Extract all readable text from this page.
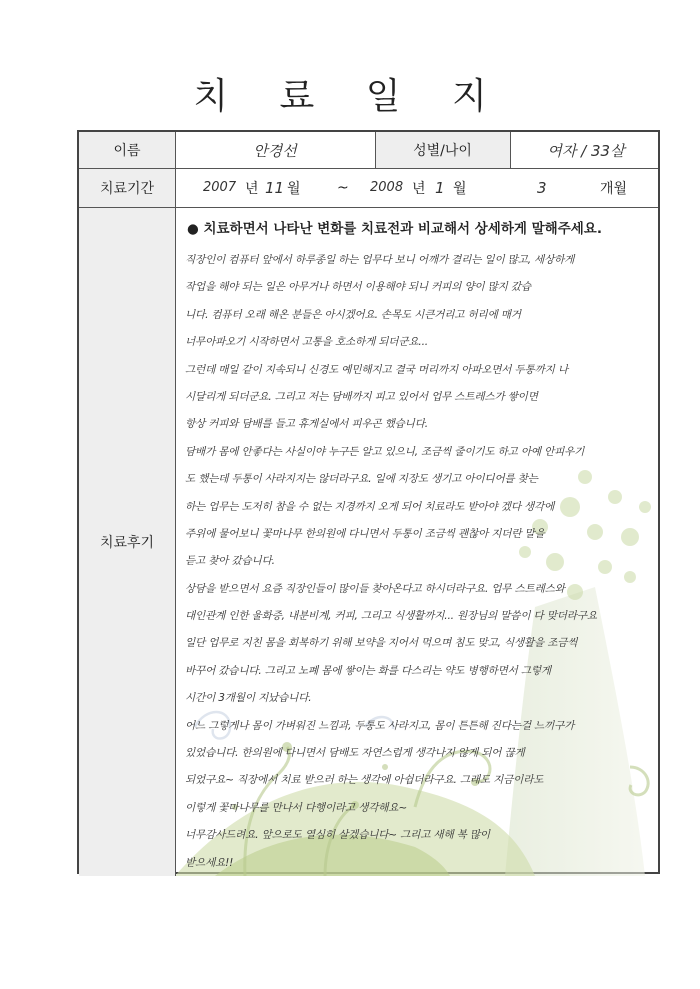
치 료 일 지
이름	안경선	성별/나이	여자 / 33살
치료기간	2007 년 11 월	~ 2008 년 1 월	3	개월
치료후기
● 치료하면서 나타난 변화를 치료전과 비교해서 상세하게 말해주세요.
직장인이 컴퓨터 앞에서 하루종일 하는 업무다 보니 어깨가 결리는 일이 많고, 세상하게
작업을 해야 되는 일은 아무거나 하면서 이용해야 되니 커피의 양이 많지 갔습
니다. 컴퓨터 오래 해온 분들은 아시겠어요. 손목도 시큰거리고 허리에 매거
너무아파오기 시작하면서 고통을 호소하게 되더군요...
그런데 매일 같이 지속되니 신경도 예민해지고 결국 머리까지 아파오면서 두통까지 나
시달리게 되더군요. 그리고 저는 담배까지 피고 있어서 업무 스트레스가 쌓이면
항상 커피와 담배를 들고 휴게실에서 피우곤 했습니다.
담배가 몸에 안좋다는 사실이야 누구든 알고 있으니, 조금씩 줄이기도 하고 아예 안피우기
도 했는데 두통이 사라지지는 않더라구요. 일에 지장도 생기고 아이디어를 찾는
하는 업무는 도저히 참을 수 없는 지경까지 오게 되어 치료라도 받아야 겠다 생각에
주위에 물어보니 꽃마나무 한의원에 다니면서 두통이 조금씩 괜찮아 지더란 말을
듣고 찾아 갔습니다.
상담을 받으면서 요즘 직장인들이 많이들 찾아온다고 하시더라구요. 업무 스트레스와
대인관계 인한 울화증, 내분비계, 커피, 그리고 식생활까지... 원장님의 말씀이 다 맞더라구요
일단 업무로 지친 몸을 회복하기 위해 보약을 지어서 먹으며 침도 맞고, 식생활을 조금씩
바꾸어 갔습니다. 그리고 노폐 몸에 쌓이는 화를 다스리는 약도 병행하면서 그렇게
시간이 3개월이 지났습니다.
어느 그렇게나 몸이 가벼워진 느낌과, 두통도 사라지고, 몸이 튼튼해 진다는걸 느끼구가
있었습니다. 한의원에 다니면서 담배도 자연스럽게 생각나지 않게 되어 끊게
되었구요~ 직장에서 치료 받으러 하는 생각에 아쉽더라구요. 그래도 지금이라도
이렇게 꽃마나무를 만나서 다행이라고 생각해요~
너무감사드려요. 앞으로도 열심히 살겠습니다~ 그리고 새해 복 많이
받으세요!!
